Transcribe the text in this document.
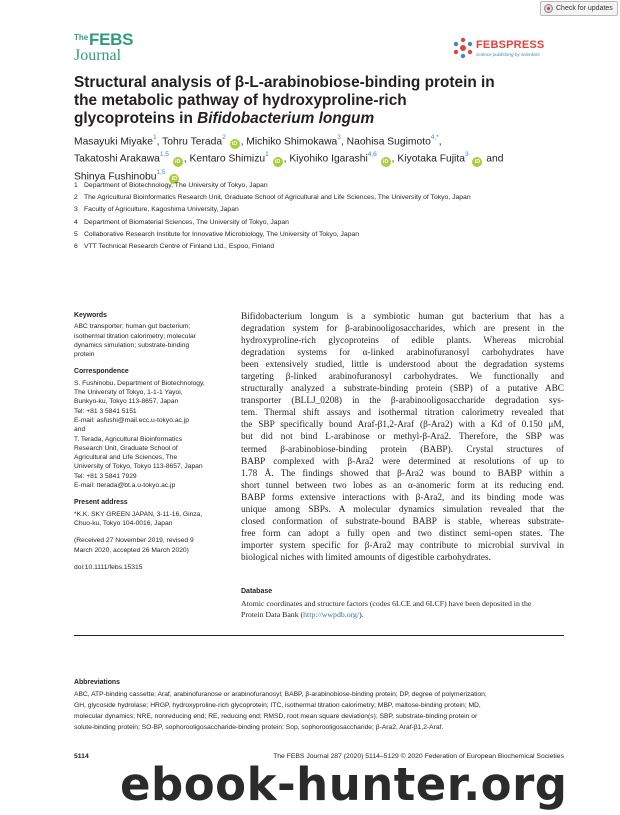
Check for updates
The FEBS
Journal
FEBSPRESS
science publishing by scientists
Structural analysis of β-L-arabinobiose-binding protein in
the metabolic pathway of hydroxyproline-rich
glycoproteins in Bifidobacterium longum
Masayuki Miyake$^1$, Tohru Terada$^2$ iD , Michiko Shimokawa$^3$, Naohisa Sugimoto$^{4,*}$,
Takatoshi Arakawa$^{1,5}$ iD , Kentaro Shimizu$^1$ iD , Kiyohiko Igarashi$^{4,6}$ iD , Kiyotaka Fujita$^3$ iD and
Shinya Fushinobu$^{1,5}$ iD
1 Department of Biotechnology, The University of Tokyo, Japan
2 The Agricultural Bioinformatics Research Unit, Graduate School of Agricultural and Life Sciences, The University of Tokyo, Japan
3 Faculty of Agriculture, Kagoshima University, Japan
4 Department of Biomaterial Sciences, The University of Tokyo, Japan
5 Collaborative Research Institute for Innovative Microbiology, The University of Tokyo, Japan
6 VTT Technical Research Centre of Finland Ltd., Espoo, Finland
Keywords
ABC transporter; human gut bacterium;
isothermal titration calorimetry; molecular
dynamics simulation; substrate-binding
protein
Correspondence
S. Fushinobu, Department of Biotechnology,
The University of Tokyo, 1-1-1 Yayoi,
Bunkyo-ku, Tokyo 113-8657, Japan
Tel: +81 3 5841 5151
E-mail: asfushi@mail.ecc.u-tokyo.ac.jp
and
T. Terada, Agricultural Bioinformatics
Research Unit, Graduate School of
Agricultural and Life Sciences, The
University of Tokyo, Tokyo 113-8657, Japan
Tel: +81 3 5841 7929
E-mail: tterada@bt.a.u-tokyo.ac.jp
Present address
*K.K. SKY GREEN JAPAN, 3-11-16, Ginza,
Chuo-ku, Tokyo 104-0016, Japan
(Received 27 November 2019, revised 9
March 2020, accepted 26 March 2020)
doi:10.1111/febs.15315
Bifidobacterium longum is a symbiotic human gut bacterium that has a
degradation system for β-arabinooligosaccharides, which are present in the
hydroxyproline-rich glycoproteins of edible plants. Whereas microbial
degradation systems for α-linked arabinofuranosyl carbohydrates have
been extensively studied, little is understood about the degradation systems
targeting β-linked arabinofuranosyl carbohydrates. We functionally and
structurally analyzed a substrate-binding protein (SBP) of a putative ABC
transporter (BLLJ_0208) in the β-arabinooligosaccharide degradation sys-
tem. Thermal shift assays and isothermal titration calorimetry revealed that
the SBP specifically bound Araf-β1,2-Araf (β-Ara2) with a Kd of 0.150 μM,
but did not bind L-arabinose or methyl-β-Ara2. Therefore, the SBP was
termed β-arabinobiose-binding protein (BABP). Crystal structures of
BABP complexed with β-Ara2 were determined at resolutions of up to
1.78 Å. The findings showed that β-Ara2 was bound to BABP within a
short tunnel between two lobes as an α-anomeric form at its reducing end.
BABP forms extensive interactions with β-Ara2, and its binding mode was
unique among SBPs. A molecular dynamics simulation revealed that the
closed conformation of substrate-bound BABP is stable, whereas substrate-
free form can adopt a fully open and two distinct semi-open states. The
importer system specific for β-Ara2 may contribute to microbial survival in
biological niches with limited amounts of digestible carbohydrates.
Database
Atomic coordinates and structure factors (codes 6LCE and 6LCF) have been deposited in the
Protein Data Bank (http://wwpdb.org/).
Abbreviations
ABC, ATP-binding cassette; Araf, arabinofuranose or arabinofuranosyl; BABP, β-arabinobiose-binding protein; DP, degree of polymerization;
GH, glycoside hydrolase; HRGP, hydroxyproline-rich glycoprotein; ITC, isothermal titration calorimetry; MBP, maltose-binding protein; MD,
molecular dynamics; NRE, nonreducing end; RE, reducing end; RMSD, root mean square deviation(s); SBP, substrate-binding protein or
solute-binding protein; SO-BP, sophorooligosaccharide-binding protein; Sop, sophorooligosaccharide; β-Ara2, Araf-β1,2-Araf.
5114	The FEBS Journal 287 (2020) 5114–5129 © 2020 Federation of European Biochemical Societies
ebook-hunter.org
